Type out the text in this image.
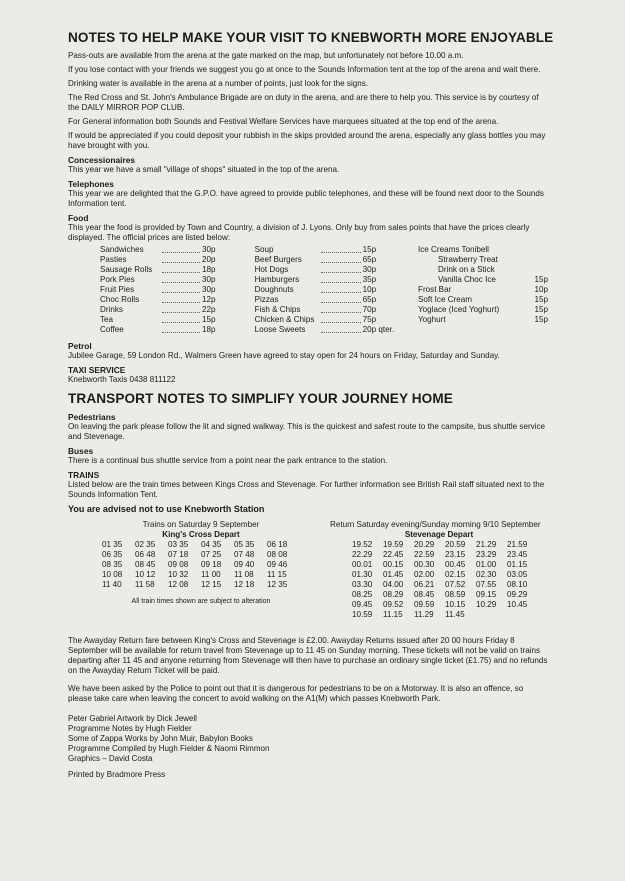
NOTES TO HELP MAKE YOUR VISIT TO KNEBWORTH MORE ENJOYABLE
Pass-outs are available from the arena at the gate marked on the map, but unfortunately not before 10.00 a.m.
If you lose contact with your friends we suggest you go at once to the Sounds Information tent at the top of the arena and wait there.
Drinking water is available in the arena at a number of points, just look for the signs.
The Red Cross and St. John's Ambulance Brigade are on duty in the arena, and are there to help you. This service is by courtesy of the DAILY MIRROR POP CLUB.
For General information both Sounds and Festival Welfare Services have marquees situated at the top end of the arena.
If would be appreciated if you could deposit your rubbish in the skips provided around the arena, especially any glass bottles you may have brought with you.
Concessionaires
This year we have a small "village of shops" situated in the top of the arena.
Telephones
This year we are delighted that the G.P.O. have agreed to provide public telephones, and these will be found next door to the Sounds Information tent.
Food
This year the food is provided by Town and Country, a division of J. Lyons. Only buy from sales points that have the prices clearly displayed. The official prices are listed below:
Sandwiches	30p
Pasties	20p
Sausage Rolls	18p
Pork Pies	30p
Fruit Pies	30p
Choc Rolls	12p
Drinks	22p
Tea	15p
Coffee	18p
Soup	15p
Beef Burgers	65p
Hot Dogs	30p
Hamburgers	35p
Doughnuts	10p
Pizzas	65p
Fish & Chips	70p
Chicken & Chips	75p
Loose Sweets	20p qter.
Ice Creams Tonibell
Strawberry Treat
Drink on a Stick
Vanilla Choc Ice	15p
Frost Bar	10p
Soft Ice Cream	15p
Yoglace (Iced Yoghurt)	15p
Yoghurt	15p
Petrol
Jubilee Garage, 59 London Rd., Walmers Green have agreed to stay open for 24 hours on Friday, Saturday and Sunday.
TAXI SERVICE
Knebworth Taxis 0438 811122
TRANSPORT NOTES TO SIMPLIFY YOUR JOURNEY HOME
Pedestrians
On leaving the park please follow the lit and signed walkway. This is the quickest and safest route to the campsite, bus shuttle service and Stevenage.
Buses
There is a continual bus shuttle service from a point near the park entrance to the station.
TRAINS
Listed below are the train times between Kings Cross and Stevenage. For further information see British Rail staff situated next to the Sounds Information Tent.
You are advised not to use Knebworth Station
Trains on Saturday 9 September
King's Cross Depart
01 35	02 35	03 35	04 35	05 35	06 18
06 35	06 48	07 18	07 25	07 48	08 08
08 35	08 45	09 08	09 18	09 40	09 46
10 08	10 12	10 32	11 00	11 08	11 15
11 40	11 58	12 08	12 15	12 18	12 35
All train times shown are subject to alteration
Return Saturday evening/Sunday morning 9/10 September
Stevenage Depart
19.52	19.59	20.29	20.59	21.29	21.59
22.29	22.45	22.59	23.15	23.29	23.45
00.01	00.15	00.30	00.45	01.00	01.15
01.30	01.45	02.00	02.15	02.30	03.05
03.30	04.00	06.21	07.52	07.55	08.10
08.25	08.29	08.45	08.59	09.15	09.29
09.45	09.52	09.59	10.15	10.29	10.45
10.59	11.15	11.29	11.45
The Awayday Return fare between King's Cross and Stevenage is £2.00. Awayday Returns issued after 20 00 hours Friday 8 September will be available for return travel from Stevenage up to 11 45 on Sunday morning. These tickets will not be valid on trains departing after 11 45 and anyone returning from Stevenage will then have to purchase an ordinary single ticket (£1.75) and no refunds on the Awayday Return Ticket will be paid.
We have been asked by the Police to point out that it is dangerous for pedestrians to be on a Motorway. It is also an offence, so please take care when leaving the concert to avoid walking on the A1(M) which passes Knebworth Park.
Peter Gabriel Artwork by Dick Jewell
Programme Notes by Hugh Fielder
Some of Zappa Works by John Muir, Babylon Books
Programme Compiled by Hugh Fielder & Naomi Rimmon
Graphics – David Costa
Printed by Bradmore Press
